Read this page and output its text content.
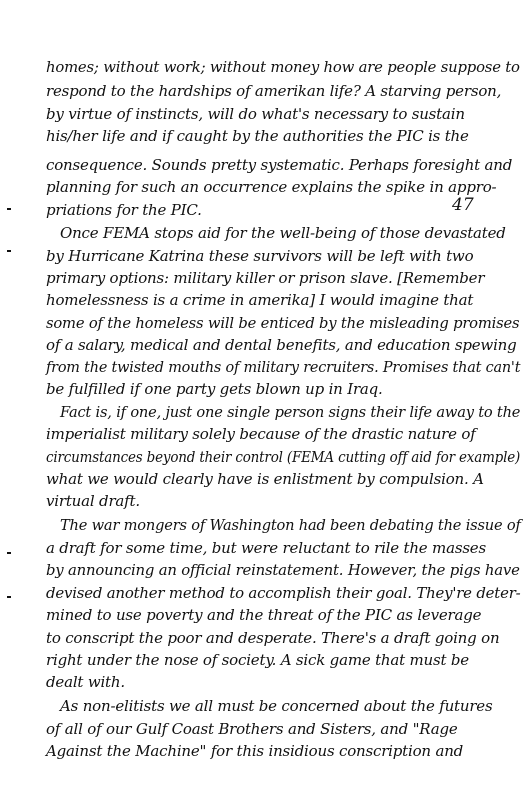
47
homes; without work; without money how are people suppose to
respond to the hardships of amerikan life? A starving person,
by virtue of instincts, will do what's necessary to sustain
his/her life and if caught by the authorities the PIC is the
consequence. Sounds pretty systematic. Perhaps foresight and
planning for such an occurrence explains the spike in appro-
priations for the PIC.
Once FEMA stops aid for the well-being of those devastated
by Hurricane Katrina these survivors will be left with two
primary options: military killer or prison slave. [Remember
homelessness is a crime in amerika] I would imagine that
some of the homeless will be enticed by the misleading promises
of a salary, medical and dental benefits, and education spewing
from the twisted mouths of military recruiters. Promises that can't
be fulfilled if one party gets blown up in Iraq.
Fact is, if one, just one single person signs their life away to the
imperialist military solely because of the drastic nature of
circumstances beyond their control (FEMA cutting off aid for example)
what we would clearly have is enlistment by compulsion. A
virtual draft.
The war mongers of Washington had been debating the issue of
a draft for some time, but were reluctant to rile the masses
by announcing an official reinstatement. However, the pigs have
devised another method to accomplish their goal. They're deter-
mined to use poverty and the threat of the PIC as leverage
to conscript the poor and desperate. There's a draft going on
right under the nose of society. A sick game that must be
dealt with.
As non-elitists we all must be concerned about the futures
of all of our Gulf Coast Brothers and Sisters, and "Rage
Against the Machine" for this insidious conscription and
